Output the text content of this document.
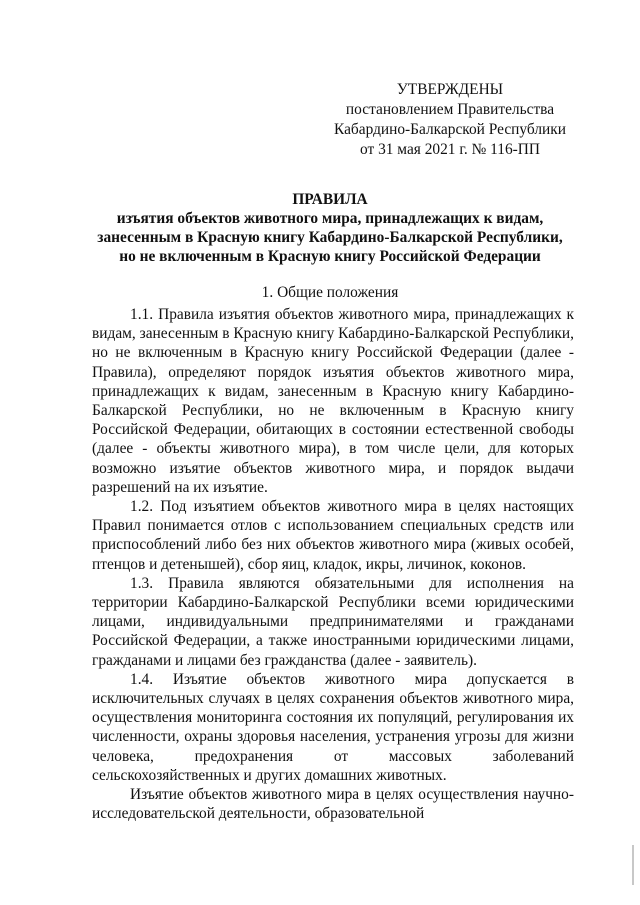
УТВЕРЖДЕНЫ
постановлением Правительства
Кабардино-Балкарской Республики
от 31 мая 2021 г. № 116-ПП
ПРАВИЛА
изъятия объектов животного мира, принадлежащих к видам,
занесенным в Красную книгу Кабардино-Балкарской Республики,
но не включенным в Красную книгу Российской Федерации
1. Общие положения

1.1. Правила изъятия объектов животного мира, принадлежащих к видам, занесенным в Красную книгу Кабардино-Балкарской Республики, но не включенным в Красную книгу Российской Федерации (далее - Правила), определяют порядок изъятия объектов животного мира, принадлежащих к видам, занесенным в Красную книгу Кабардино-Балкарской Республики, но не включенным в Красную книгу Российской Федерации, обитающих в состоянии естественной свободы (далее - объекты животного мира), в том числе цели, для которых возможно изъятие объектов животного мира, и порядок выдачи разрешений на их изъятие.

1.2. Под изъятием объектов животного мира в целях настоящих Правил понимается отлов с использованием специальных средств или приспособлений либо без них объектов животного мира (живых особей, птенцов и детенышей), сбор яиц, кладок, икры, личинок, коконов.

1.3. Правила являются обязательными для исполнения на территории Кабардино-Балкарской Республики всеми юридическими лицами, индивидуальными предпринимателями и гражданами Российской Федерации, а также иностранными юридическими лицами, гражданами и лицами без гражданства (далее - заявитель).

1.4. Изъятие объектов животного мира допускается в исключительных случаях в целях сохранения объектов животного мира, осуществления мониторинга состояния их популяций, регулирования их численности, охраны здоровья населения, устранения угрозы для жизни человека, предохранения от массовых заболеваний сельскохозяйственных и других домашних животных.

Изъятие объектов животного мира в целях осуществления научно-исследовательской деятельности, образовательной
